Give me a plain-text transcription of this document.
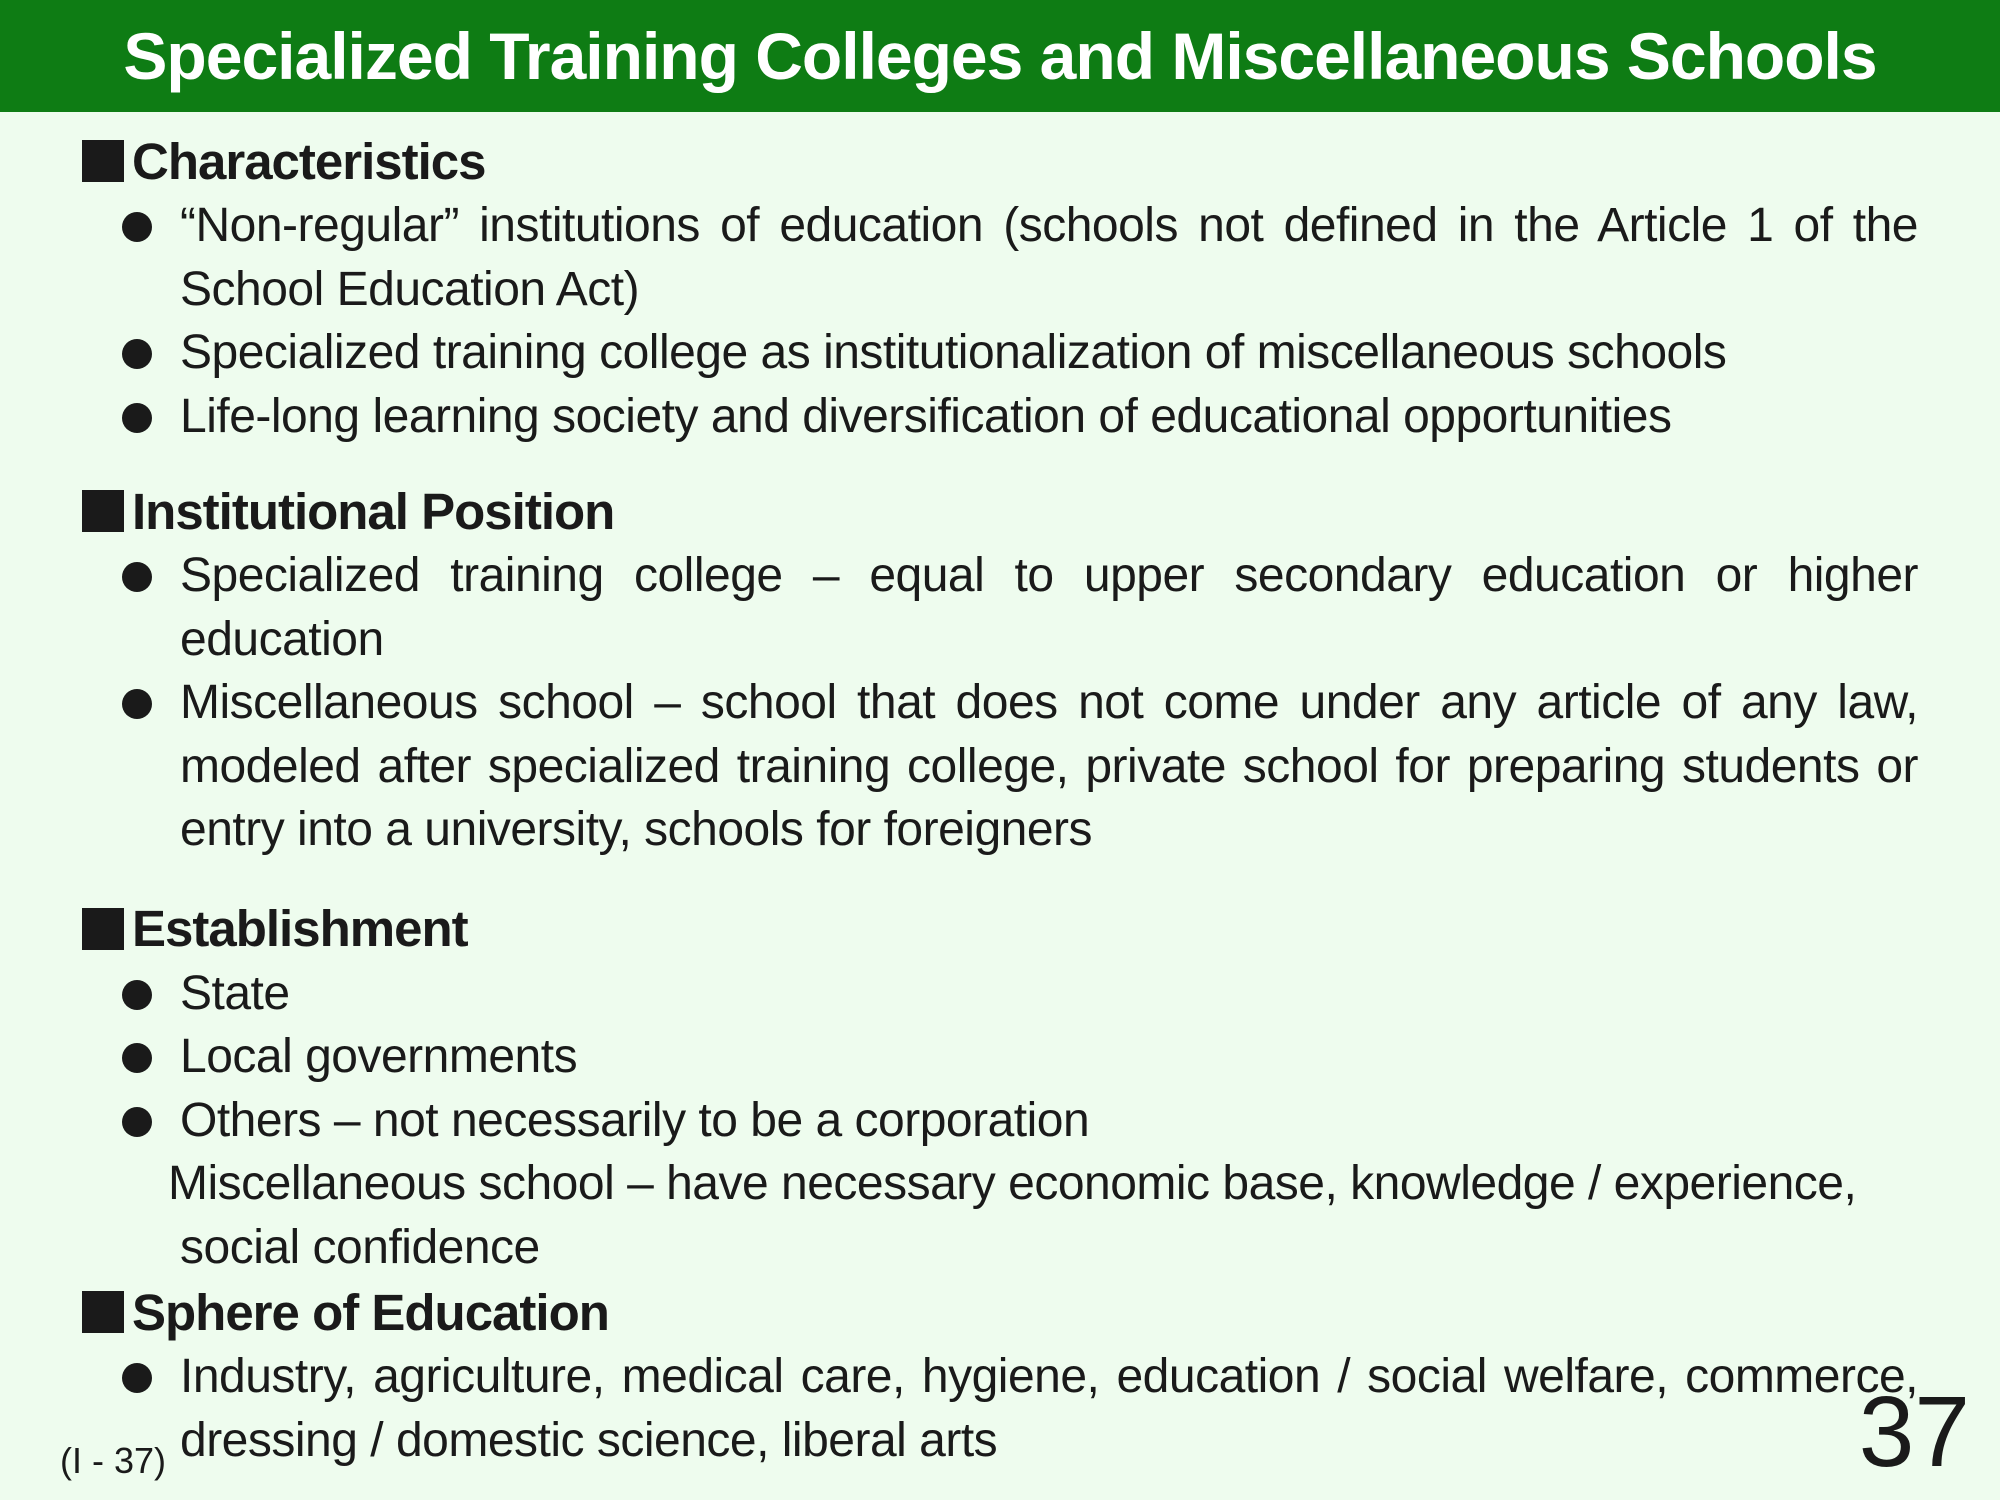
Specialized Training Colleges and Miscellaneous Schools
Characteristics
“Non-regular” institutions of education (schools not defined in the Article 1 of the School Education Act)
Specialized training college as institutionalization of miscellaneous schools
Life-long learning society and diversification of educational opportunities
Institutional Position
Specialized training college – equal to upper secondary education or higher education
Miscellaneous school – school that does not come under any article of any law, modeled after specialized training college, private school for preparing students or entry into a university, schools for foreigners
Establishment
State
Local governments
Others – not necessarily to be a corporation
Miscellaneous school – have necessary economic base, knowledge / experience,
social confidence
Sphere of Education
Industry, agriculture, medical care, hygiene, education / social welfare, commerce, dressing / domestic science, liberal arts
(I - 37)	37
